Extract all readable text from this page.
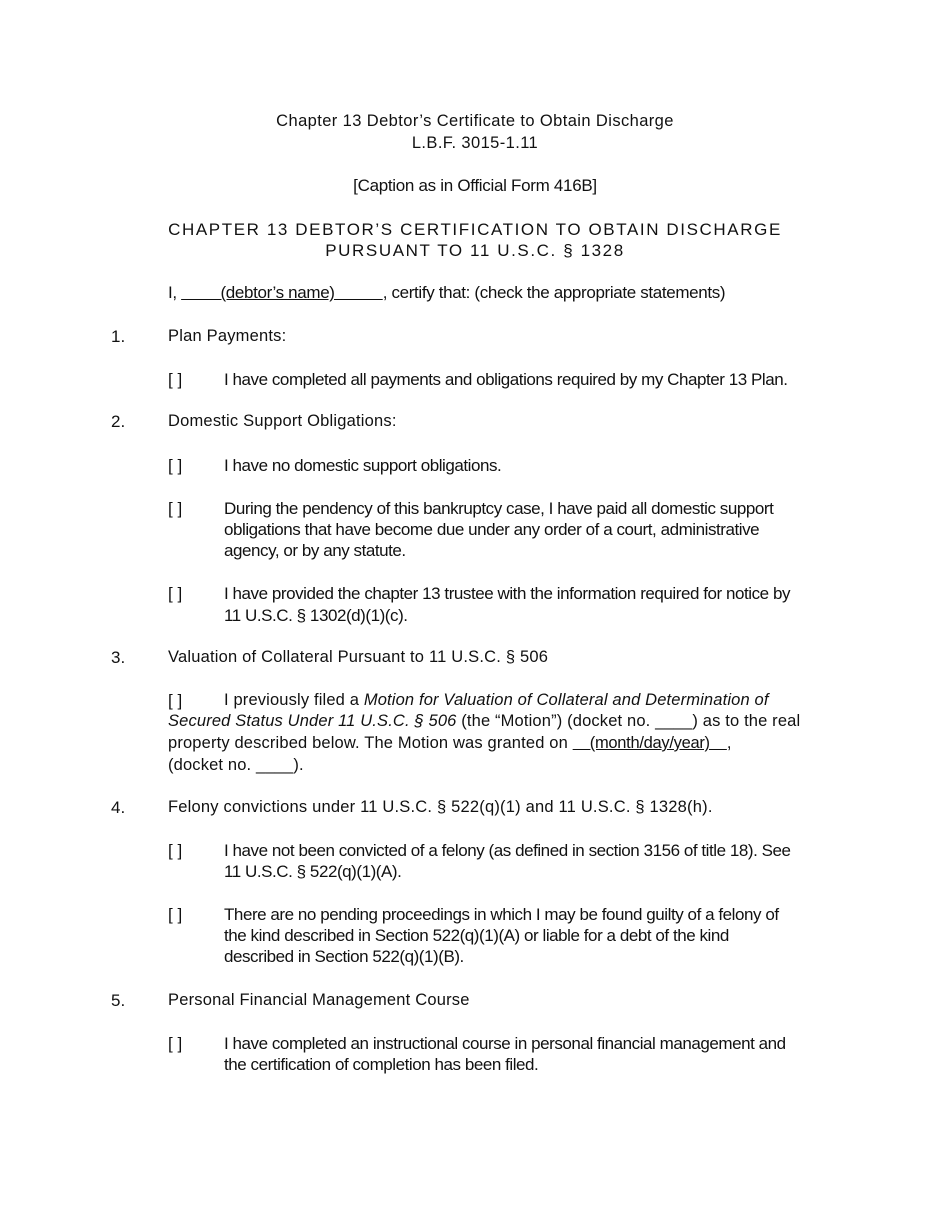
Chapter 13 Debtor’s Certificate to Obtain Discharge
L.B.F. 3015-1.11
[Caption as in Official Form 416B]
CHAPTER 13 DEBTOR’S CERTIFICATION TO OBTAIN DISCHARGE
PURSUANT TO 11 U.S.C. § 1328
I,          (debtor’s name)           , certify that: (check the appropriate statements)
1.	Plan Payments:
[ ] I have completed all payments and obligations required by my Chapter 13 Plan.
2.	Domestic Support Obligations:
[ ] I have no domestic support obligations.
[ ] During the pendency of this bankruptcy case, I have paid all domestic support
obligations that have become due under any order of a court, administrative
agency, or by any statute.
[ ] I have provided the chapter 13 trustee with the information required for notice by
11 U.S.C. § 1302(d)(1)(c).
3.	Valuation of Collateral Pursuant to 11 U.S.C. § 506
[ ]	I previously filed a Motion for Valuation of Collateral and Determination of
Secured Status Under 11 U.S.C. § 506 (the “Motion”) (docket no. ____) as to the real
property described below. The Motion was granted on     (month/day/year)    ,
(docket no. ____).
4.	Felony convictions under 11 U.S.C. § 522(q)(1) and 11 U.S.C. § 1328(h).
[ ] I have not been convicted of a felony (as defined in section 3156 of title 18). See
11 U.S.C. § 522(q)(1)(A).
[ ] There are no pending proceedings in which I may be found guilty of a felony of
the kind described in Section 522(q)(1)(A) or liable for a debt of the kind
described in Section 522(q)(1)(B).
5.	Personal Financial Management Course
[ ] I have completed an instructional course in personal financial management and
the certification of completion has been filed.
